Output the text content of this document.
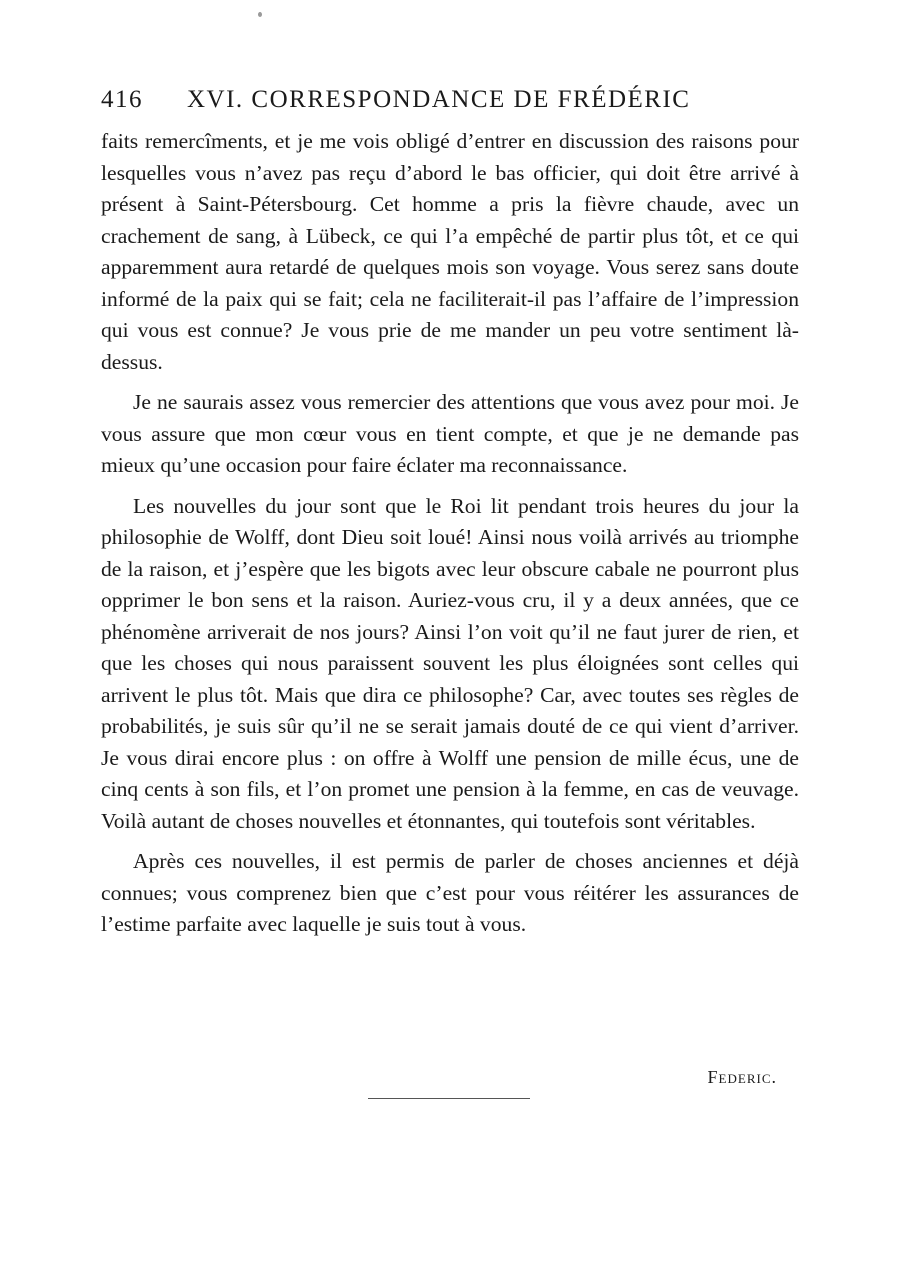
416 XVI. CORRESPONDANCE DE FRÉDÉRIC

faits remercîments, et je me vois obligé d’entrer en discussion des raisons pour lesquelles vous n’avez pas reçu d’abord le bas officier, qui doit être arrivé à présent à Saint-Pétersbourg. Cet homme a pris la fièvre chaude, avec un crachement de sang, à Lübeck, ce qui l’a empêché de partir plus tôt, et ce qui apparemment aura retardé de quelques mois son voyage. Vous serez sans doute informé de la paix qui se fait; cela ne faciliterait-il pas l’affaire de l’impression qui vous est connue? Je vous prie de me mander un peu votre sentiment là-dessus.

Je ne saurais assez vous remercier des attentions que vous avez pour moi. Je vous assure que mon cœur vous en tient compte, et que je ne demande pas mieux qu’une occasion pour faire éclater ma reconnaissance.

Les nouvelles du jour sont que le Roi lit pendant trois heures du jour la philosophie de Wolff, dont Dieu soit loué! Ainsi nous voilà arrivés au triomphe de la raison, et j’espère que les bigots avec leur obscure cabale ne pourront plus opprimer le bon sens et la raison. Auriez-vous cru, il y a deux années, que ce phénomène arriverait de nos jours? Ainsi l’on voit qu’il ne faut jurer de rien, et que les choses qui nous paraissent souvent les plus éloignées sont celles qui arrivent le plus tôt. Mais que dira ce philosophe? Car, avec toutes ses règles de probabilités, je suis sûr qu’il ne se serait jamais douté de ce qui vient d’arriver. Je vous dirai encore plus : on offre à Wolff une pension de mille écus, une de cinq cents à son fils, et l’on promet une pension à la femme, en cas de veuvage. Voilà autant de choses nouvelles et étonnantes, qui toutefois sont véritables.

Après ces nouvelles, il est permis de parler de choses anciennes et déjà connues; vous comprenez bien que c’est pour vous réitérer les assurances de l’estime parfaite avec laquelle je suis tout à vous.

Federic.
